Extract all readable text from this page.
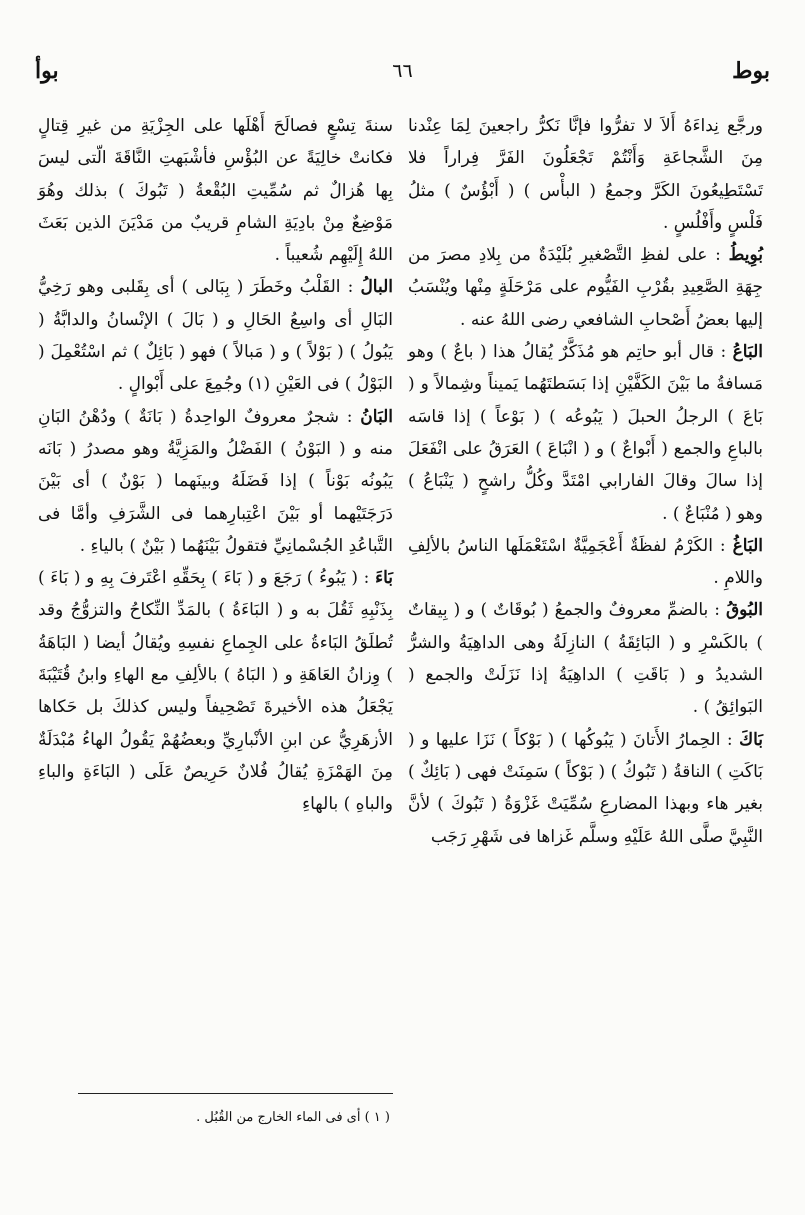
بوط
٦٦
بوأ

ورجَّع نِداءَهُ أَلاَ لا تفرُّوا فإنَّا نَكرُّ راجعينَ لِمَا عِنْدنا مِنَ الشَّجاعَةِ وَأَنْتُمْ تَجْعَلُونَ الفَرَّ فِراراً فلا تَسْتَطِيعُونَ الكَرَّ وجمعُ ( البأْس ) ( أَبْؤُسٌ ) مثلُ فَلْسٍ وأَفْلُسٍ .

بُوِيطُ : على لفظِ التَّصْغيرِ بُلَيْدَةٌ من بِلادِ مصرَ من جِهَةِ الصَّعِيدِ بقُرْبِ الفَيُّوم على مَرْحَلَةٍ مِنْها ويُنْسَبُ إليها بعضُ أَصْحابِ الشافعي رضى اللهُ عنه .

البَاعُ : قال أبو حاتِم هو مُذَكَّرٌ يُقالُ هذا ( باعٌ ) وهو مَسافةُ ما بَيْنَ الكَفَّيْنِ إذا بَسَطتَهُما يَميناً وشِمالاً و ( بَاعَ ) الرجلُ الحبلَ ( يَبُوعُه ) ( بَوْعاً ) إذا قاسَه بالباعِ والجمع ( أَبْواعٌ ) و ( انْبَاعَ ) العَرَقُ على انْفَعَلَ إذا سالَ وقالَ الفارابي امْتَدَّ وكُلُّ راشحٍ ( يَنْبَاعُ ) وهو ( مُنْبَاعٌ ) .

البَاغُ : الكَرْمُ لفظَةٌ أَعْجَمِيَّةٌ اسْتَعْمَلَها الناسُ بالألِفِ واللامِ .

البُوقُ : بالضمِّ معروفٌ والجمعُ ( بُوقَاتٌ ) و ( بِيقاتٌ ) بالكَسْرِ و ( البَائِقَةُ ) النازِلَةُ وهى الداهِيَةُ والشرُّ الشديدُ و ( بَاقَتِ ) الداهِيَةُ إذا نَزَلَتْ والجمع ( البَوائِقُ ) .

بَاكَ : الحِمارُ الأَتانَ ( يَبُوكُها ) ( بَوْكاً ) نَزَا عليها و ( بَاكَتِ ) الناقةُ ( تَبُوكُ ) ( بَوْكاً ) سَمِنَتْ فهى ( بَائِكٌ ) بغير هاء وبهذا المضارعِ سُمِّيَتْ غَزْوَةُ ( تَبُوكَ ) لأنَّ النَّبِيَّ صلَّى اللهُ عَلَيْهِ وسلَّم غَزاها فى شَهْرِ رَجَب

سنةَ تِسْعٍ فصالَحَ أَهْلَها على الجِزْيَةِ من غيرِ قِتالٍ فكانتْ خالِيَةً عن البُؤْسِ فأشْبَهتِ النَّاقَةَ الّتى ليسَ بِها هُزالٌ ثم سُمِّيتِ البُقْعةُ ( تَبُوكَ ) بذلك وهُوَ مَوْضِعٌ مِنْ بادِيَةِ الشامِ قريبٌ من مَدْيَنَ الذين بَعَثَ اللهُ إِلَيْهِم شُعيباً .

البالُ : القَلْبُ وخَطَرَ ( بِبَالى ) أى بِقَلبى وهو رَخِيُّ البَالِ أى واسِعُ الحَالِ و ( بَالَ ) الإنْسانُ والدابَّةُ ( يَبُولُ ) ( بَوْلاً ) و ( مَبالاً ) فهو ( بَائِلٌ ) ثم اسْتُعْمِلَ ( البَوْلُ ) فى العَيْنِ (١) وجُمِعَ على أَبْوالٍ .

البَانُ : شجرٌ معروفٌ الواحِدةُ ( بَانَةٌ ) ودُهْنُ البَانِ منه و ( البَوْنُ ) الفَضْلُ والمَزِيَّةُ وهو مصدرُ ( بَانَه يَبُونُه بَوْناً ) إذا فَضَلَهُ وبينَهما ( بَوْنٌ ) أى بَيْنَ دَرَجَتَيْهما أو بَيْنَ اعْتِبارِهما فى الشَّرَفِ وأمَّا فى التَّباعُدِ الجُسْمانِيِّ فتقولُ بَيْنَهُما ( بَيْنٌ ) بالياءِ .

بَاءَ : ( يَبُوءُ ) رَجَعَ و ( بَاءَ ) بِحَقِّهِ اعْتَرفَ بِهِ و ( بَاءَ ) بِذَنْبِهِ ثَقُلَ به و ( البَاءَةُ ) بالمَدِّ النِّكاحُ والتزوُّجُ وقد تُطلَقُ البَاءةُ على الجِماعِ نفسِهِ ويُقالُ أيضا ( البَاهَةُ ) وِزانُ العَاهَةِ و ( البَاهُ ) بالألِفِ مع الهاءِ وابنُ قُتَيْبَةَ يَجْعَلُ هذه الأخيرةَ تَصْحِيفاً وليس كذلكَ بل حَكاها الأزهَرِيُّ عن ابنِ الأنْبارِيِّ وبعضُهُمْ يَقُولُ الهاءُ مُبْدَلَةٌ مِنَ الهَمْزَةِ يُقالُ فُلانٌ حَرِيصٌ عَلَى ( البَاءَةِ والباءِ والباهِ ) بالهاءِ

( ١ ) أى فى الماء الخارج من القُبُل .
